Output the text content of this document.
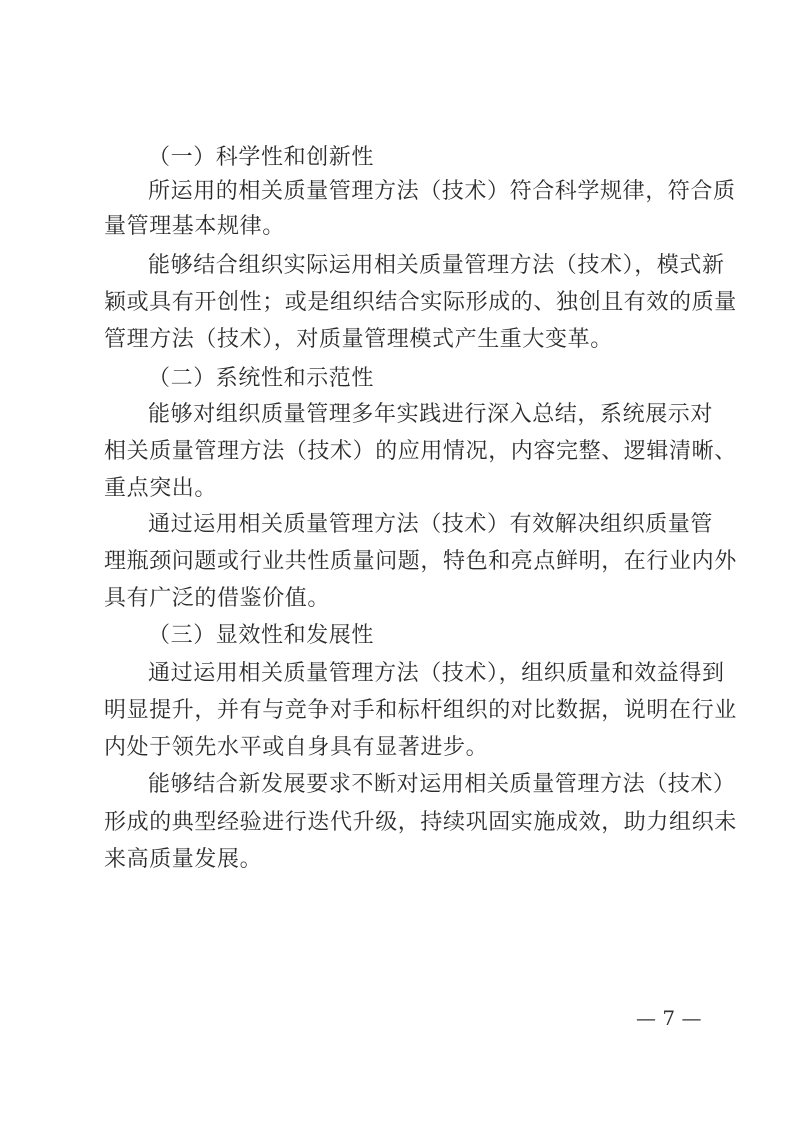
（一）科学性和创新性
所运用的相关质量管理方法（技术）符合科学规律，符合质
量管理基本规律。
能够结合组织实际运用相关质量管理方法（技术），模式新
颖或具有开创性；或是组织结合实际形成的、独创且有效的质量
管理方法（技术），对质量管理模式产生重大变革。
（二）系统性和示范性
能够对组织质量管理多年实践进行深入总结，系统展示对
相关质量管理方法（技术）的应用情况，内容完整、逻辑清晰、
重点突出。
通过运用相关质量管理方法（技术）有效解决组织质量管
理瓶颈问题或行业共性质量问题，特色和亮点鲜明，在行业内外
具有广泛的借鉴价值。
（三）显效性和发展性
通过运用相关质量管理方法（技术），组织质量和效益得到
明显提升，并有与竞争对手和标杆组织的对比数据，说明在行业
内处于领先水平或自身具有显著进步。
能够结合新发展要求不断对运用相关质量管理方法（技术）
形成的典型经验进行迭代升级，持续巩固实施成效，助力组织未
来高质量发展。
— 7 —
